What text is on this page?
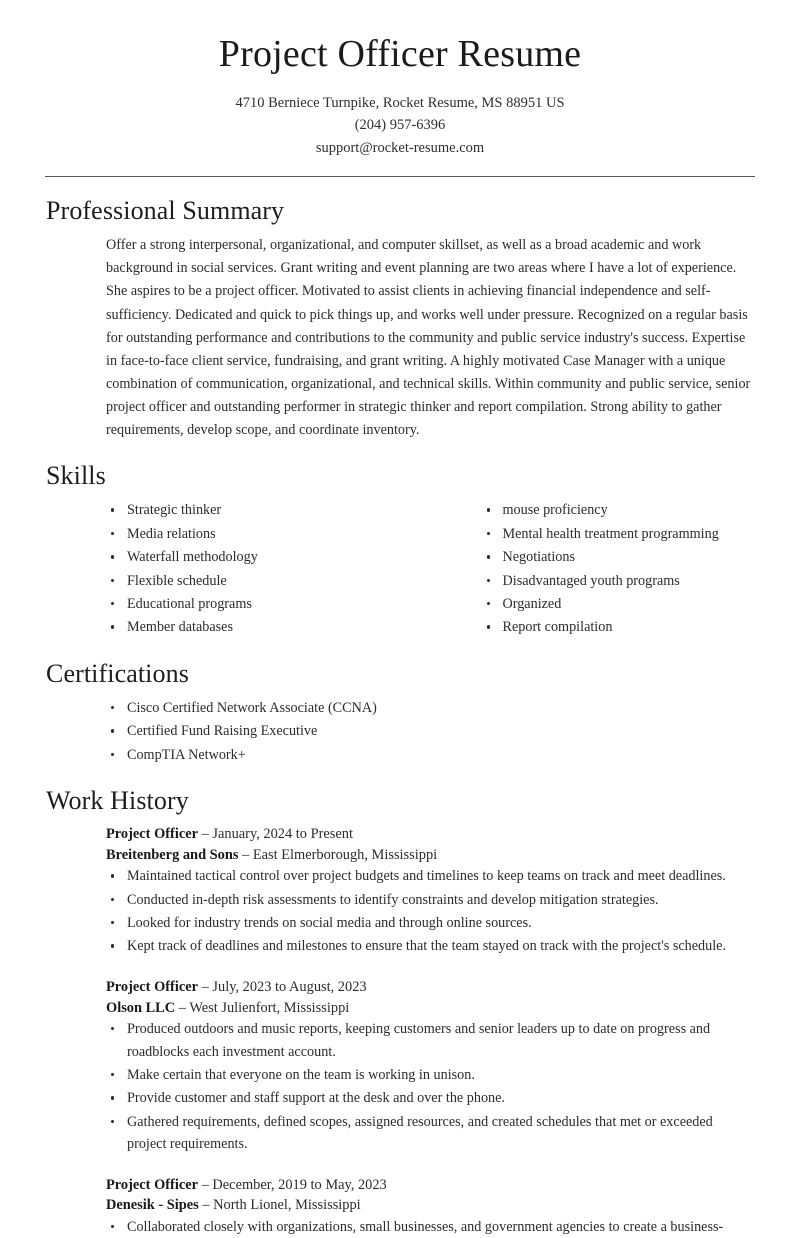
Project Officer Resume

4710 Berniece Turnpike, Rocket Resume, MS 88951 US

(204) 957-6396

support@rocket-resume.com

Professional Summary

Offer a strong interpersonal, organizational, and computer skillset, as well as a broad academic and work background in social services. Grant writing and event planning are two areas where I have a lot of experience. She aspires to be a project officer. Motivated to assist clients in achieving financial independence and self-sufficiency. Dedicated and quick to pick things up, and works well under pressure. Recognized on a regular basis for outstanding performance and contributions to the community and public service industry's success. Expertise in face-to-face client service, fundraising, and grant writing. A highly motivated Case Manager with a unique combination of communication, organizational, and technical skills. Within community and public service, senior project officer and outstanding performer in strategic thinker and report compilation. Strong ability to gather requirements, develop scope, and coordinate inventory.

Skills
Strategic thinker
Media relations
Waterfall methodology
Flexible schedule
Educational programs
Member databases
mouse proficiency
Mental health treatment programming
Negotiations
Disadvantaged youth programs
Organized
Report compilation
Certifications
Cisco Certified Network Associate (CCNA)
Certified Fund Raising Executive
CompTIA Network+
Work History

Project Officer – January, 2024 to Present

Breitenberg and Sons – East Elmerborough, Mississippi

Maintained tactical control over project budgets and timelines to keep teams on track and meet deadlines.
Conducted in-depth risk assessments to identify constraints and develop mitigation strategies.
Looked for industry trends on social media and through online sources.
Kept track of deadlines and milestones to ensure that the team stayed on track with the project's schedule.

Project Officer – July, 2023 to August, 2023

Olson LLC – West Julienfort, Mississippi

Produced outdoors and music reports, keeping customers and senior leaders up to date on progress and roadblocks each investment account.
Make certain that everyone on the team is working in unison.
Provide customer and staff support at the desk and over the phone.
Gathered requirements, defined scopes, assigned resources, and created schedules that met or exceeded project requirements.

Project Officer – December, 2019 to May, 2023

Denesik - Sipes – North Lionel, Mississippi

Collaborated closely with organizations, small businesses, and government agencies to create a business-
